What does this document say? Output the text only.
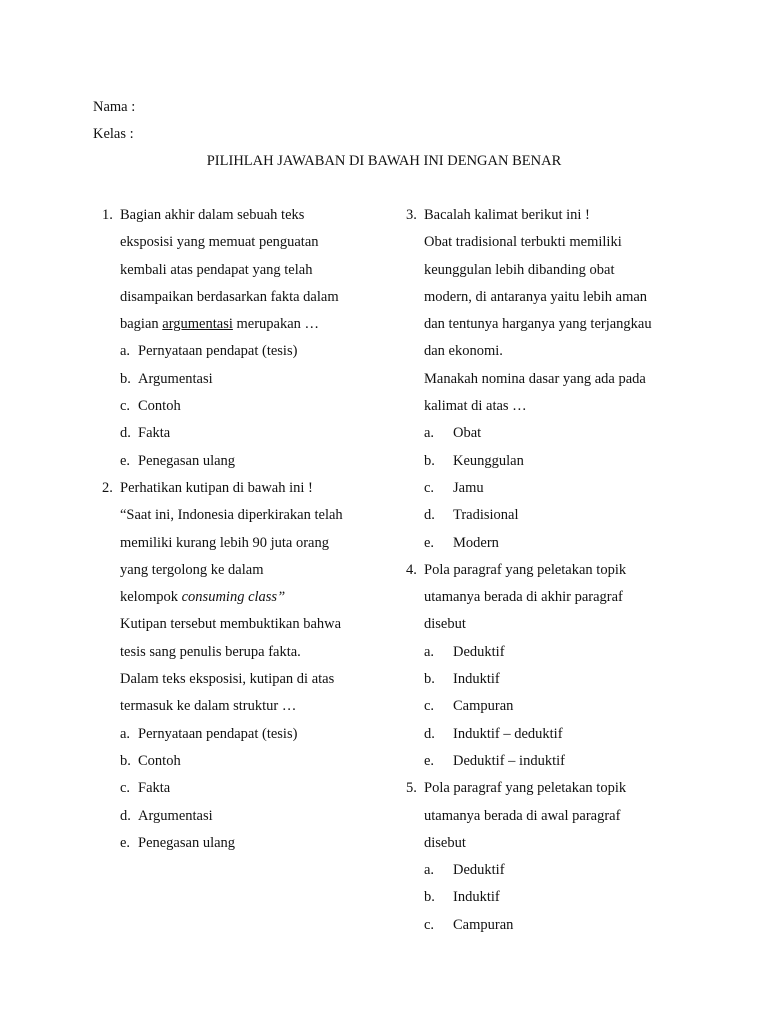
Nama :
Kelas :
PILIHLAH JAWABAN DI BAWAH INI DENGAN BENAR
1. Bagian akhir dalam sebuah teks
eksposisi yang memuat penguatan
kembali atas pendapat yang telah
disampaikan berdasarkan fakta dalam
bagian argumentasi merupakan …
a. Pernyataan pendapat (tesis)
b. Argumentasi
c. Contoh
d. Fakta
e. Penegasan ulang
2. Perhatikan kutipan di bawah ini !
“Saat ini, Indonesia diperkirakan telah
memiliki kurang lebih 90 juta orang
yang tergolong ke dalam
kelompok consuming class”
Kutipan tersebut membuktikan bahwa
tesis sang penulis berupa fakta.
Dalam teks eksposisi, kutipan di atas
termasuk ke dalam struktur …
a. Pernyataan pendapat (tesis)
b. Contoh
c. Fakta
d. Argumentasi
e. Penegasan ulang
3. Bacalah kalimat berikut ini !
Obat tradisional terbukti memiliki
keunggulan lebih dibanding obat
modern, di antaranya yaitu lebih aman
dan tentunya harganya yang terjangkau
dan ekonomi.
Manakah nomina dasar yang ada pada
kalimat di atas …
a.	Obat
b.	Keunggulan
c.	Jamu
d.	Tradisional
e.	Modern
4. Pola paragraf yang peletakan topik
utamanya berada di akhir paragraf
disebut
a.	Deduktif
b.	Induktif
c.	Campuran
d.	Induktif – deduktif
e.	Deduktif – induktif
5. Pola paragraf yang peletakan topik
utamanya berada di awal paragraf
disebut
a.	Deduktif
b.	Induktif
c.	Campuran
